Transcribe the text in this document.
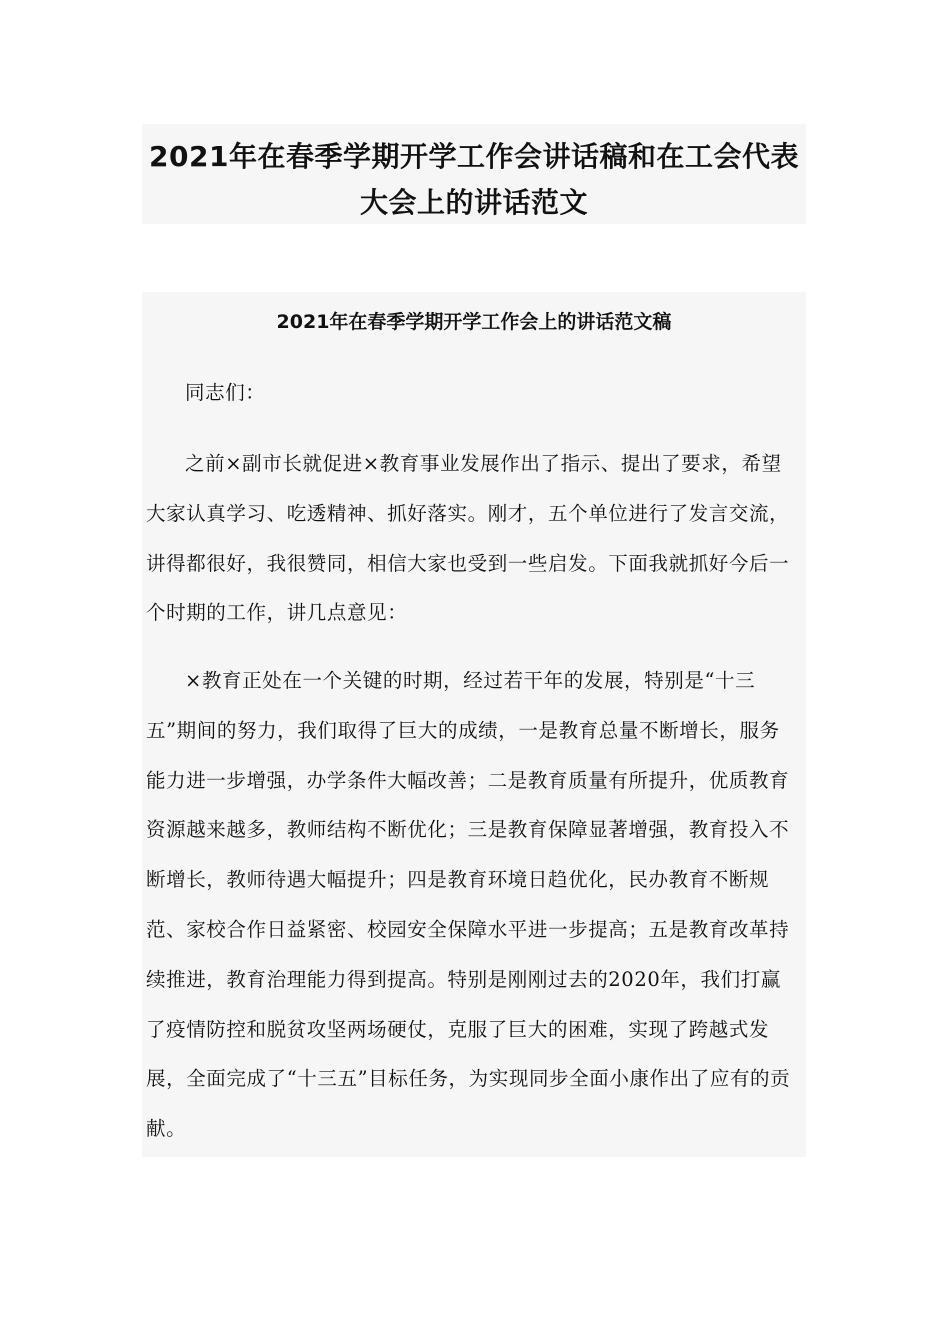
2021年在春季学期开学工作会讲话稿和在工会代表
大会上的讲话范文
2021年在春季学期开学工作会上的讲话范文稿

同志们：

之前×副市长就促进×教育事业发展作出了指示、提出了要求，希望大家认真学习、吃透精神、抓好落实。刚才，五个单位进行了发言交流，讲得都很好，我很赞同，相信大家也受到一些启发。下面我就抓好今后一个时期的工作，讲几点意见：

×教育正处在一个关键的时期，经过若干年的发展，特别是“十三五”期间的努力，我们取得了巨大的成绩，一是教育总量不断增长，服务能力进一步增强，办学条件大幅改善；二是教育质量有所提升，优质教育资源越来越多，教师结构不断优化；三是教育保障显著增强，教育投入不断增长，教师待遇大幅提升；四是教育环境日趋优化，民办教育不断规范、家校合作日益紧密、校园安全保障水平进一步提高；五是教育改革持续推进，教育治理能力得到提高。特别是刚刚过去的2020年，我们打赢了疫情防控和脱贫攻坚两场硬仗，克服了巨大的困难，实现了跨越式发展，全面完成了“十三五”目标任务，为实现同步全面小康作出了应有的贡献。
